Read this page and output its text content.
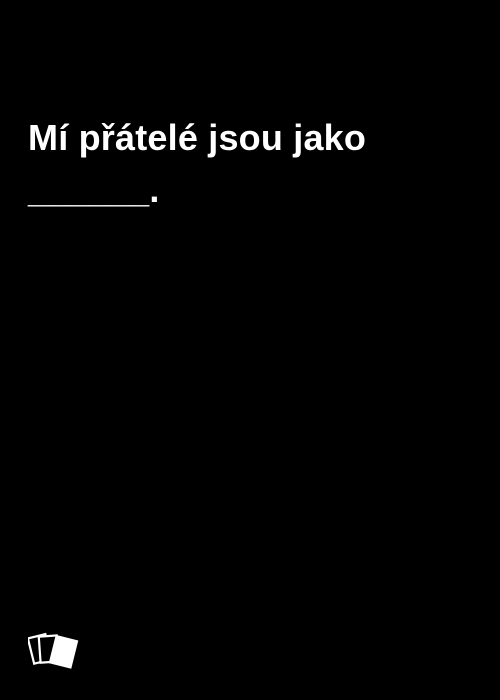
Mí přátelé jsou jako
______.
